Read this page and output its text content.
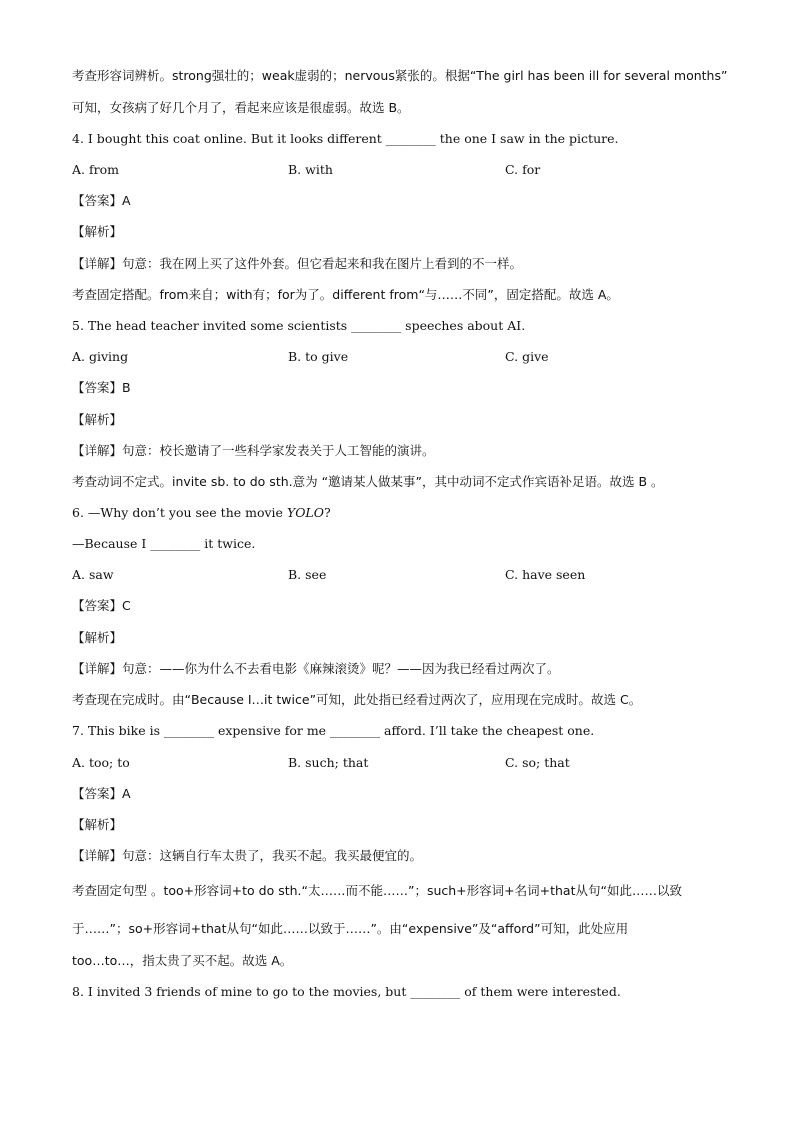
考查形容词辨析。strong强壮的；weak虚弱的；nervous紧张的。根据“The girl has been ill for several months”
可知，女孩病了好几个月了，看起来应该是很虚弱。故选 B。
4. I bought this coat online. But it looks different ________ the one I saw in the picture.
A. from	B. with	C. for
【答案】A
【解析】
【详解】句意：我在网上买了这件外套。但它看起来和我在图片上看到的不一样。
考查固定搭配。from来自；with有；for为了。different from“与……不同”，固定搭配。故选 A。
5. The head teacher invited some scientists ________ speeches about AI.
A. giving	B. to give	C. give
【答案】B
【解析】
【详解】句意：校长邀请了一些科学家发表关于人工智能的演讲。
考查动词不定式。invite sb. to do sth.意为 “邀请某人做某事”，其中动词不定式作宾语补足语。故选 B 。
6. —Why don’t you see the movie YOLO?
—Because I ________ it twice.
A. saw	B. see	C. have seen
【答案】C
【解析】
【详解】句意：——你为什么不去看电影《麻辣滚烫》呢？——因为我已经看过两次了。
考查现在完成时。由“Because I…it twice”可知，此处指已经看过两次了，应用现在完成时。故选 C。
7. This bike is ________ expensive for me ________ afford. I’ll take the cheapest one.
A. too; to	B. such; that	C. so; that
【答案】A
【解析】
【详解】句意：这辆自行车太贵了，我买不起。我买最便宜的。
考查固定句型 。too+形容词+to do sth.“太……而不能……”；such+形容词+名词+that从句“如此……以致
于……”；so+形容词+that从句“如此……以致于……”。由“expensive”及“afford”可知，此处应用
too…to…，指太贵了买不起。故选 A。
8. I invited 3 friends of mine to go to the movies, but ________ of them were interested.
